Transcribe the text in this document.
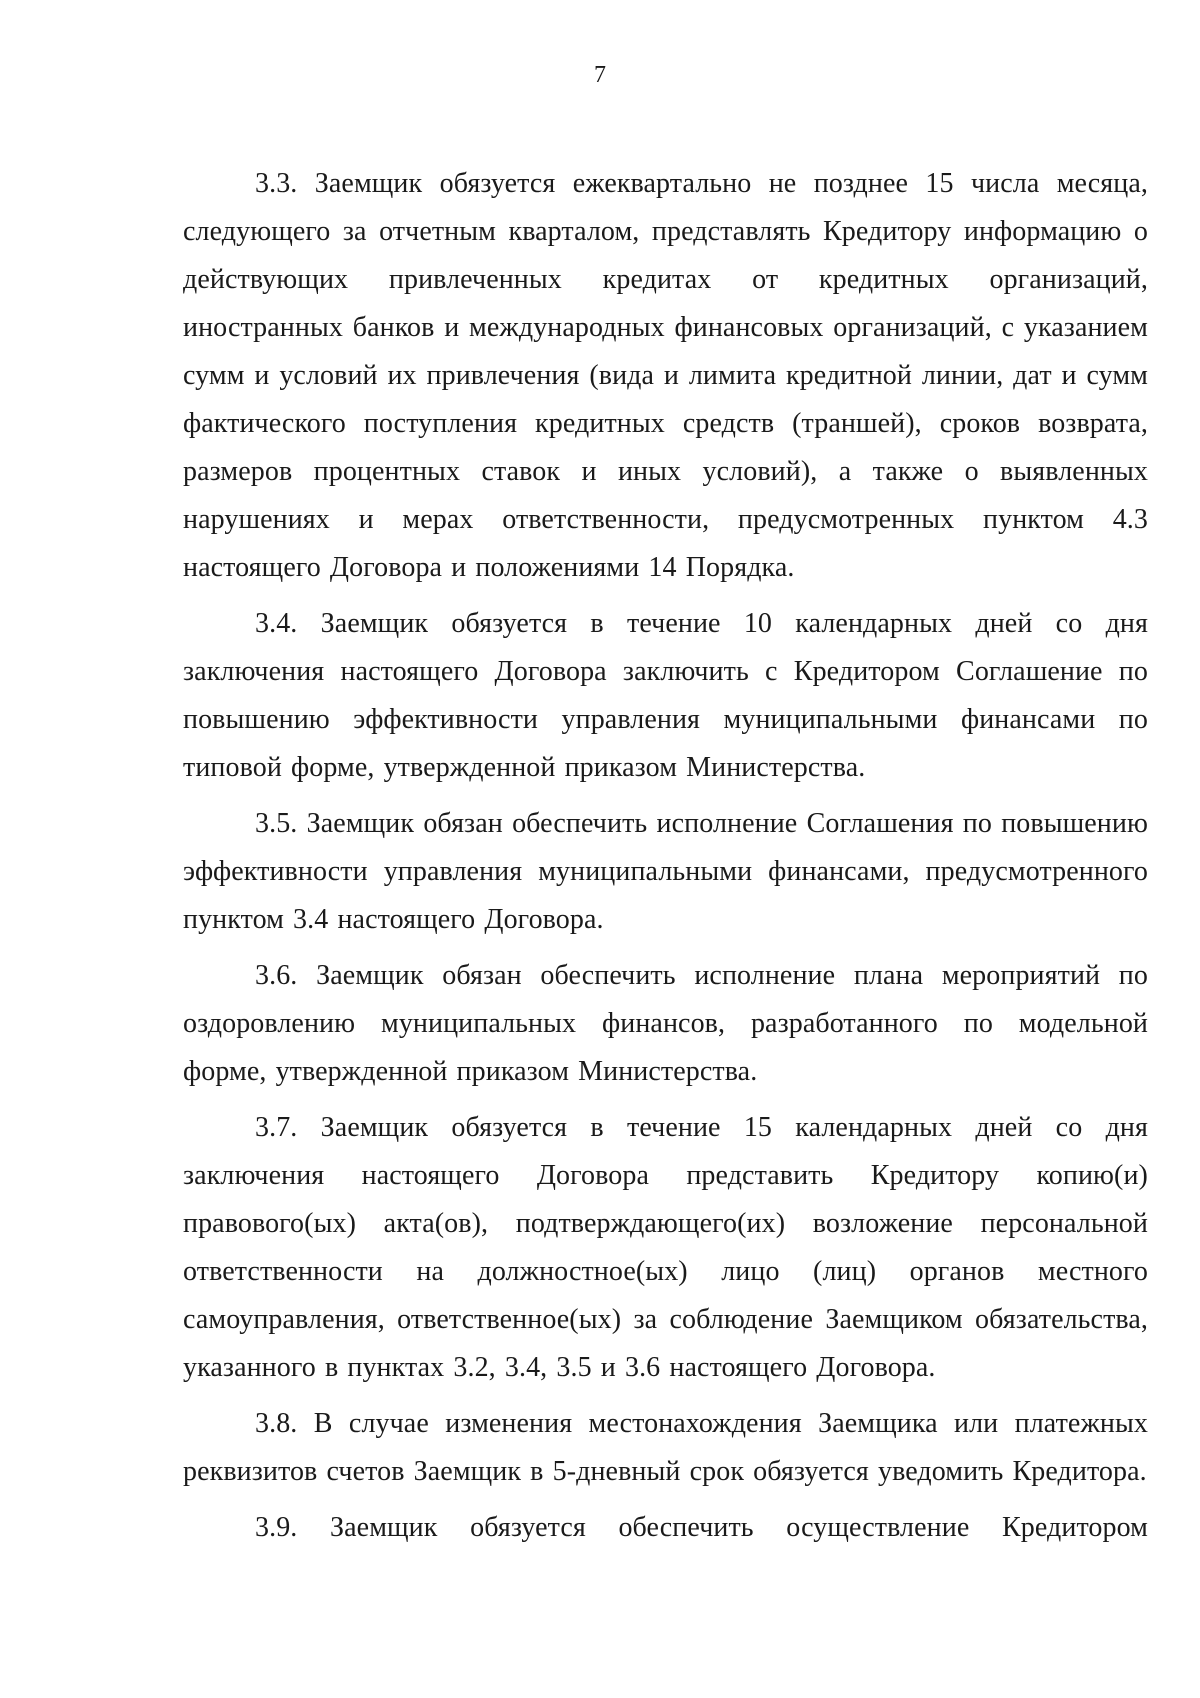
7

3.3. Заемщик обязуется ежеквартально не позднее 15 числа месяца, следующего за отчетным кварталом, представлять Кредитору информацию о действующих привлеченных кредитах от кредитных организаций, иностранных банков и международных финансовых организаций, с указанием сумм и условий их привлечения (вида и лимита кредитной линии, дат и сумм фактического поступления кредитных средств (траншей), сроков возврата, размеров процентных ставок и иных условий), а также о выявленных нарушениях и мерах ответственности, предусмотренных пунктом 4.3 настоящего Договора и положениями 14 Порядка.

3.4. Заемщик обязуется в течение 10 календарных дней со дня заключения настоящего Договора заключить с Кредитором Соглашение по повышению эффективности управления муниципальными финансами по типовой форме, утвержденной приказом Министерства.

3.5. Заемщик обязан обеспечить исполнение Соглашения по повышению эффективности управления муниципальными финансами, предусмотренного пунктом 3.4 настоящего Договора.

3.6. Заемщик обязан обеспечить исполнение плана мероприятий по оздоровлению муниципальных финансов, разработанного по модельной форме, утвержденной приказом Министерства.

3.7. Заемщик обязуется в течение 15 календарных дней со дня заключения настоящего Договора представить Кредитору копию(и) правового(ых) акта(ов), подтверждающего(их) возложение персональной ответственности на должностное(ых) лицо (лиц) органов местного самоуправления, ответственное(ых) за соблюдение Заемщиком обязательства, указанного в пунктах 3.2, 3.4, 3.5 и 3.6 настоящего Договора.

3.8. В случае изменения местонахождения Заемщика или платежных реквизитов счетов Заемщик в 5-дневный срок обязуется уведомить Кредитора.

3.9. Заемщик обязуется обеспечить осуществление Кредитором
